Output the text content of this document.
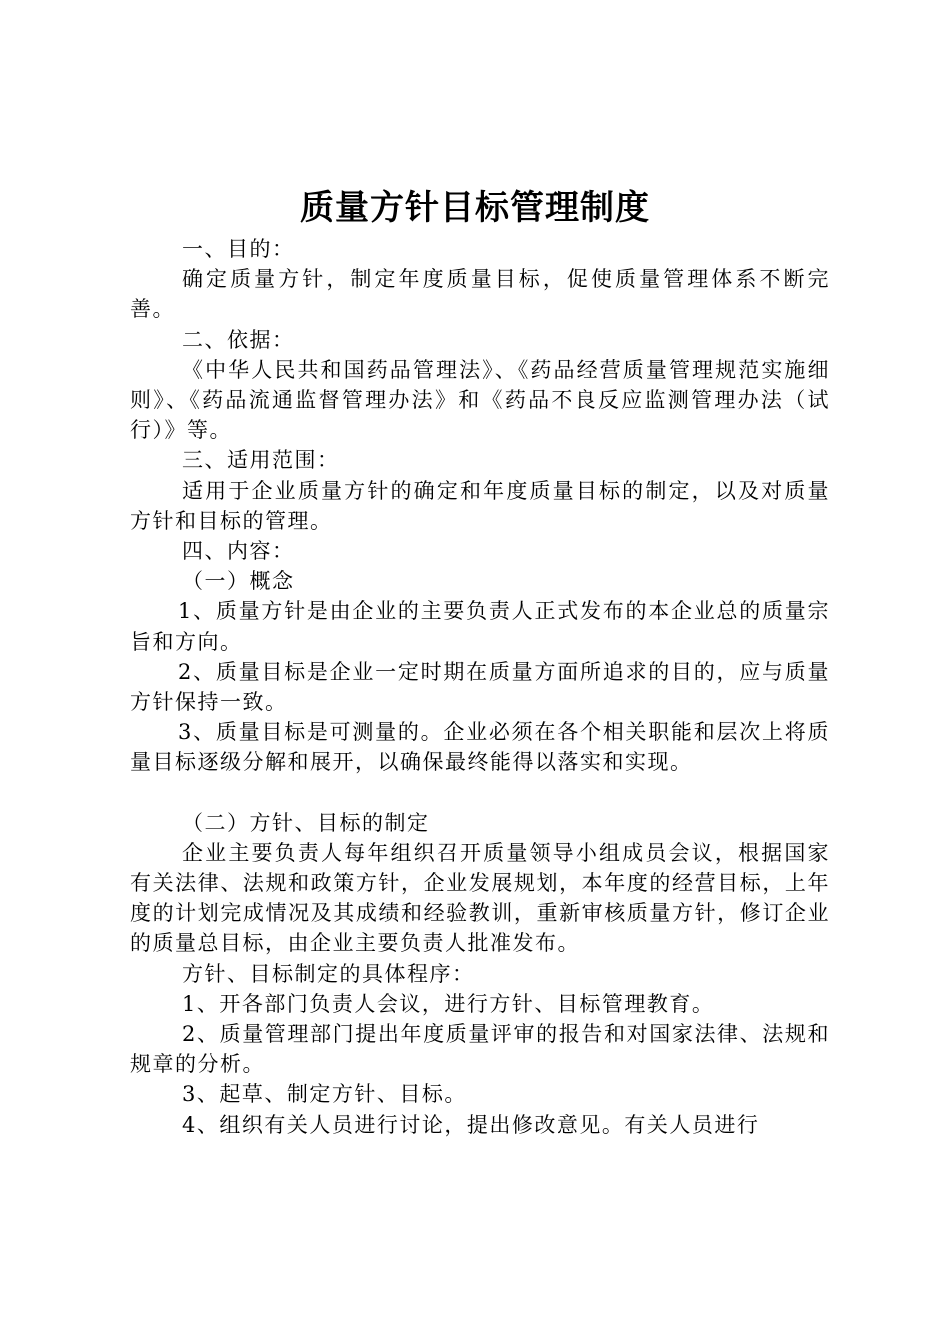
质量方针目标管理制度

一、目的：

确定质量方针，制定年度质量目标，促使质量管理体系不断完善。

二、依据：

《中华人民共和国药品管理法》、《药品经营质量管理规范实施细则》、《药品流通监督管理办法》和《药品不良反应监测管理办法（试行）》等。

三、适用范围：

适用于企业质量方针的确定和年度质量目标的制定，以及对质量方针和目标的管理。

四、内容：

（一）概念

1、质量方针是由企业的主要负责人正式发布的本企业总的质量宗旨和方向。

2、质量目标是企业一定时期在质量方面所追求的目的，应与质量方针保持一致。

3、质量目标是可测量的。企业必须在各个相关职能和层次上将质量目标逐级分解和展开，以确保最终能得以落实和实现。

（二）方针、目标的制定

企业主要负责人每年组织召开质量领导小组成员会议，根据国家有关法律、法规和政策方针，企业发展规划，本年度的经营目标，上年度的计划完成情况及其成绩和经验教训，重新审核质量方针，修订企业的质量总目标，由企业主要负责人批准发布。

方针、目标制定的具体程序：

1、开各部门负责人会议，进行方针、目标管理教育。

2、质量管理部门提出年度质量评审的报告和对国家法律、法规和规章的分析。

3、起草、制定方针、目标。

4、组织有关人员进行讨论，提出修改意见。有关人员进行
